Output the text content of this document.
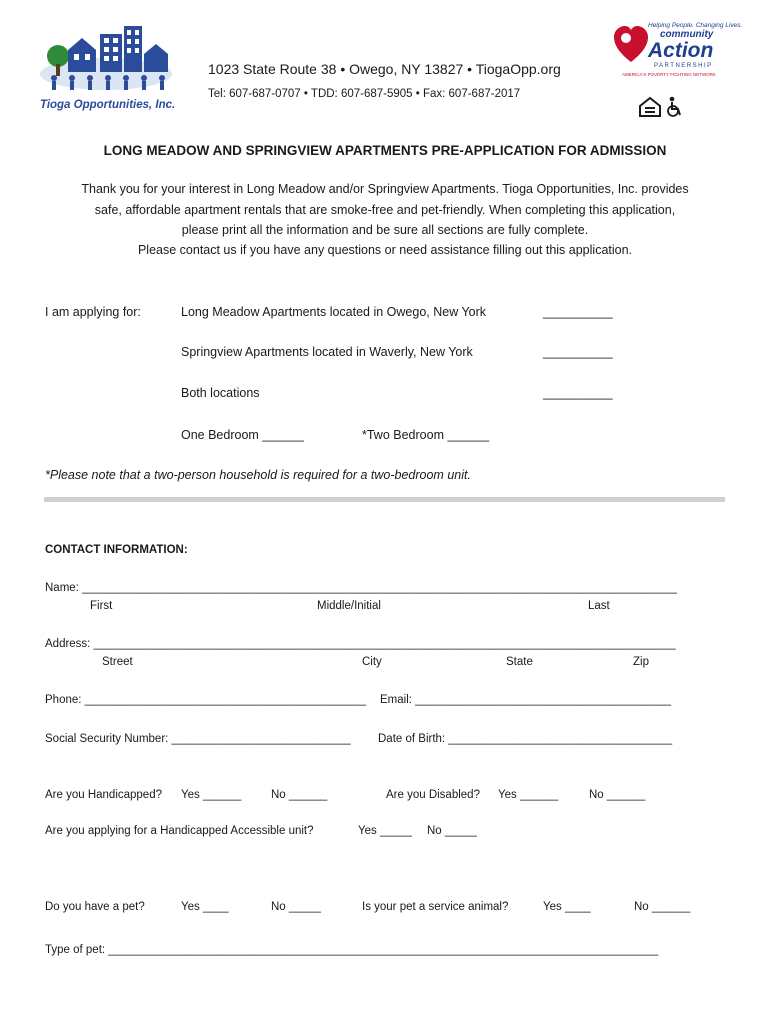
Tioga Opportunities, Inc.
1023 State Route 38 • Owego, NY 13827 • TiogaOpp.org
Tel: 607-687-0707 • TDD: 607-687-5905 • Fax: 607-687-2017
Helping People. Changing Lives.
community
Action
PARTNERSHIP
AMERICA'S POVERTY FIGHTING NETWORK
LONG MEADOW AND SPRINGVIEW APARTMENTS PRE-APPLICATION FOR ADMISSION
Thank you for your interest in Long Meadow and/or Springview Apartments. Tioga Opportunities, Inc. provides
safe, affordable apartment rentals that are smoke-free and pet-friendly. When completing this application,
please print all the information and be sure all sections are fully complete.
Please contact us if you have any questions or need assistance filling out this application.
I am applying for:	Long Meadow Apartments located in Owego, New York	__________
Springview Apartments located in Waverly, New York	__________
Both locations	__________
One Bedroom ______	*Two Bedroom ______
*Please note that a two-person household is required for a two-bedroom unit.
CONTACT INFORMATION:
Name: _____________________________________________________________________________________________
First	Middle/Initial	Last
Address: ___________________________________________________________________________________________
Street	City	State	Zip
Phone: ____________________________________________	Email: ________________________________________
Social Security Number: ____________________________	Date of Birth: ___________________________________
Are you Handicapped? Yes ______	No ______	Are you Disabled? Yes ______	No ______
Are you applying for a Handicapped Accessible unit?	Yes _____ No _____
Do you have a pet?	Yes ____	No _____	Is your pet a service animal?	Yes ____	No ______
Type of pet: ______________________________________________________________________________________
